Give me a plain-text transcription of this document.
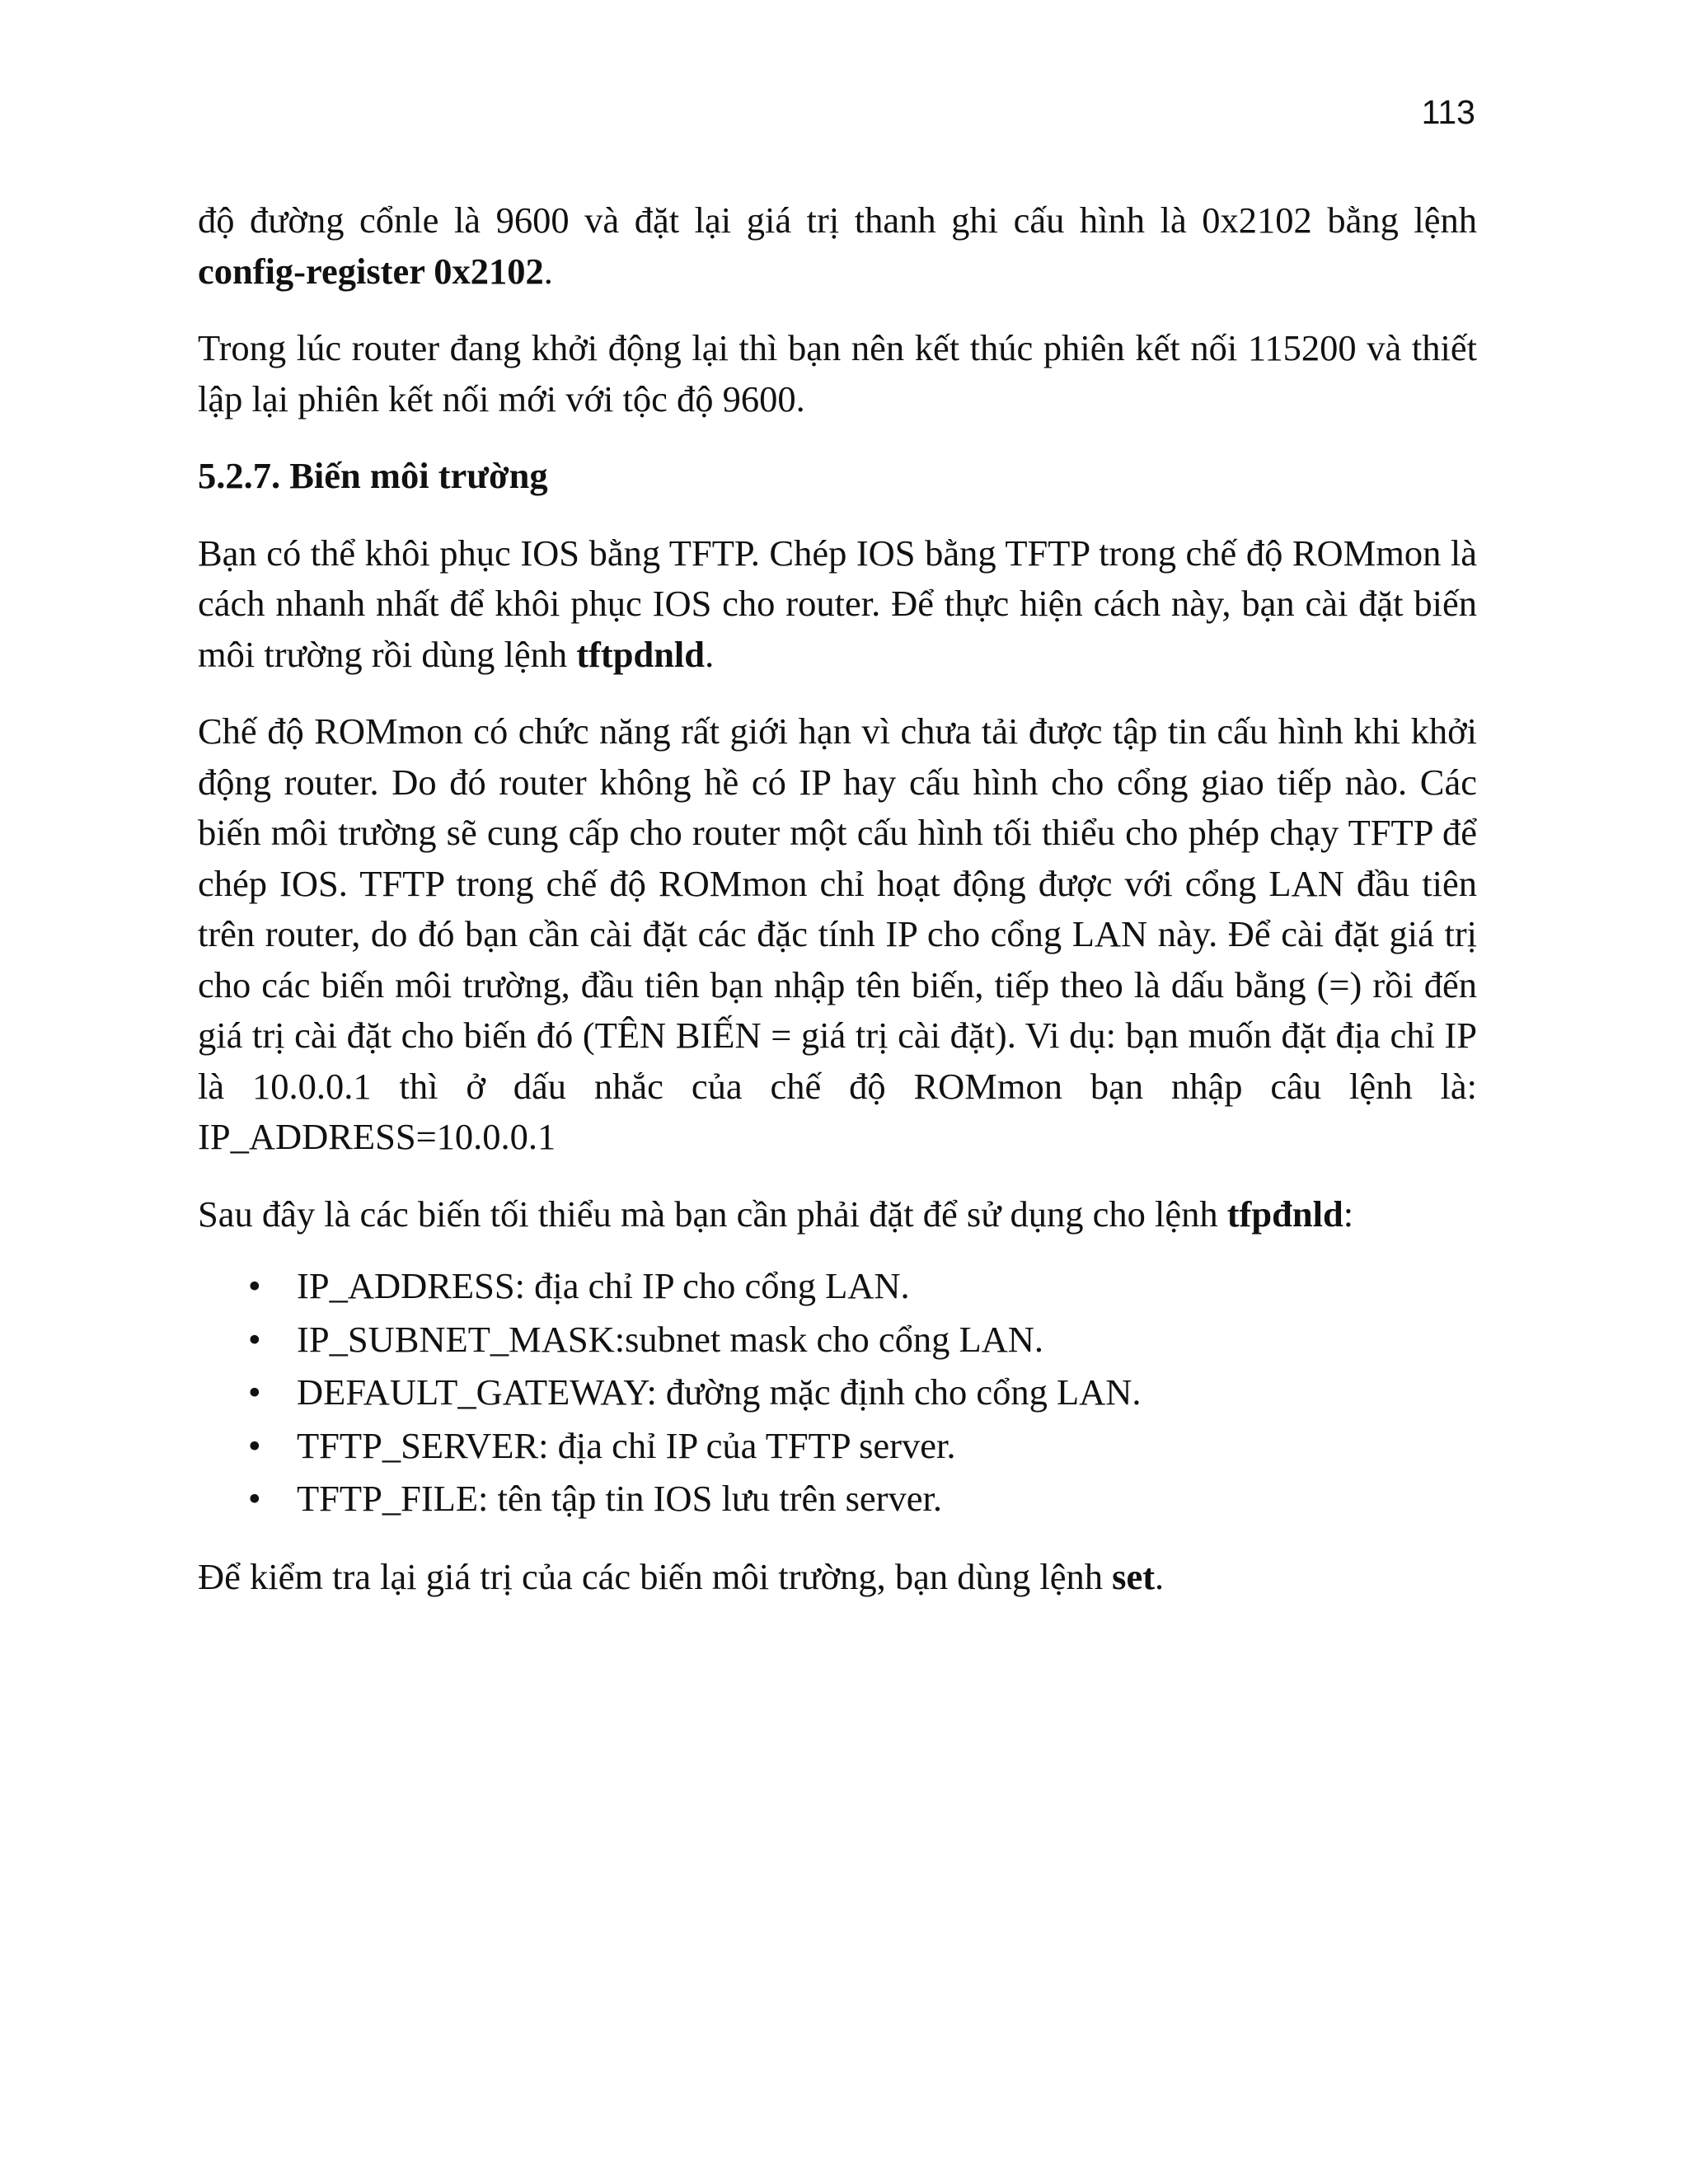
113

độ đường cổnle là 9600 và đặt lại giá trị thanh ghi cấu hình là 0x2102 bằng lệnh config-register 0x2102.

Trong lúc router đang khởi động lại thì bạn nên kết thúc phiên kết nối 115200 và thiết lập lại phiên kết nối mới với tộc độ 9600.

5.2.7. Biến môi trường

Bạn có thể khôi phục IOS bằng TFTP. Chép IOS bằng TFTP trong chế độ ROMmon là cách nhanh nhất để khôi phục IOS cho router. Để thực hiện cách này, bạn cài đặt biến môi trường rồi dùng lệnh tftpdnld.

Chế độ ROMmon có chức năng rất giới hạn vì chưa tải được tập tin cấu hình khi khởi động router. Do đó router không hề có IP hay cấu hình cho cổng giao tiếp nào. Các biến môi trường sẽ cung cấp cho router một cấu hình tối thiểu cho phép chạy TFTP để chép IOS. TFTP trong chế độ ROMmon chỉ hoạt động được với cổng LAN đầu tiên trên router, do đó bạn cần cài đặt các đặc tính IP cho cổng LAN này. Để cài đặt giá trị cho các biến môi trường, đầu tiên bạn nhập tên biến, tiếp theo là dấu bằng (=) rồi đến giá trị cài đặt cho biến đó (TÊN BIẾN = giá trị cài đặt). Vi dụ: bạn muốn đặt địa chỉ IP là 10.0.0.1 thì ở dấu nhắc của chế độ ROMmon bạn nhập câu lệnh là: IP_ADDRESS=10.0.0.1

Sau đây là các biến tối thiểu mà bạn cần phải đặt để sử dụng cho lệnh tfpđnld:

• IP_ADDRESS: địa chỉ IP cho cổng LAN.
• IP_SUBNET_MASK:subnet mask cho cổng LAN.
• DEFAULT_GATEWAY: đường mặc định cho cổng LAN.
• TFTP_SERVER: địa chỉ IP của TFTP server.
• TFTP_FILE: tên tập tin IOS lưu trên server.

Để kiểm tra lại giá trị của các biến môi trường, bạn dùng lệnh set.
